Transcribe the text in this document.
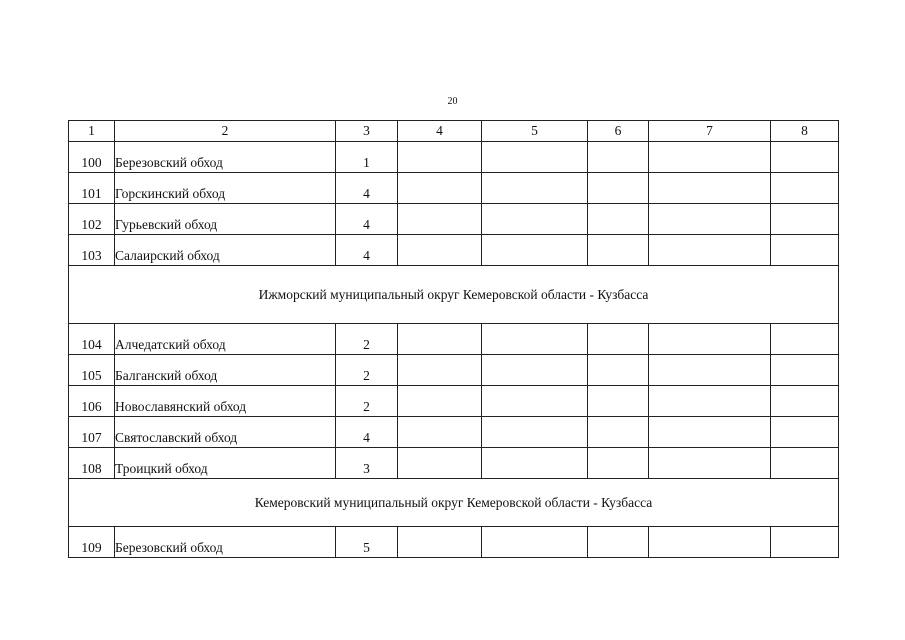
20
1	2	3	4	5	6	7	8
100	Березовский обход	1					
101	Горскинский обход	4					
102	Гурьевский обход	4					
103	Салаирский обход	4					
Ижморский муниципальный округ Кемеровской области - Кузбасса							
104	Алчедатский обход	2					
105	Балганский обход	2					
106	Новославянский обход	2					
107	Святославский обход	4					
108	Троицкий обход	3					
Кемеровский муниципальный округ Кемеровской области - Кузбасса							
109	Березовский обход	5					
